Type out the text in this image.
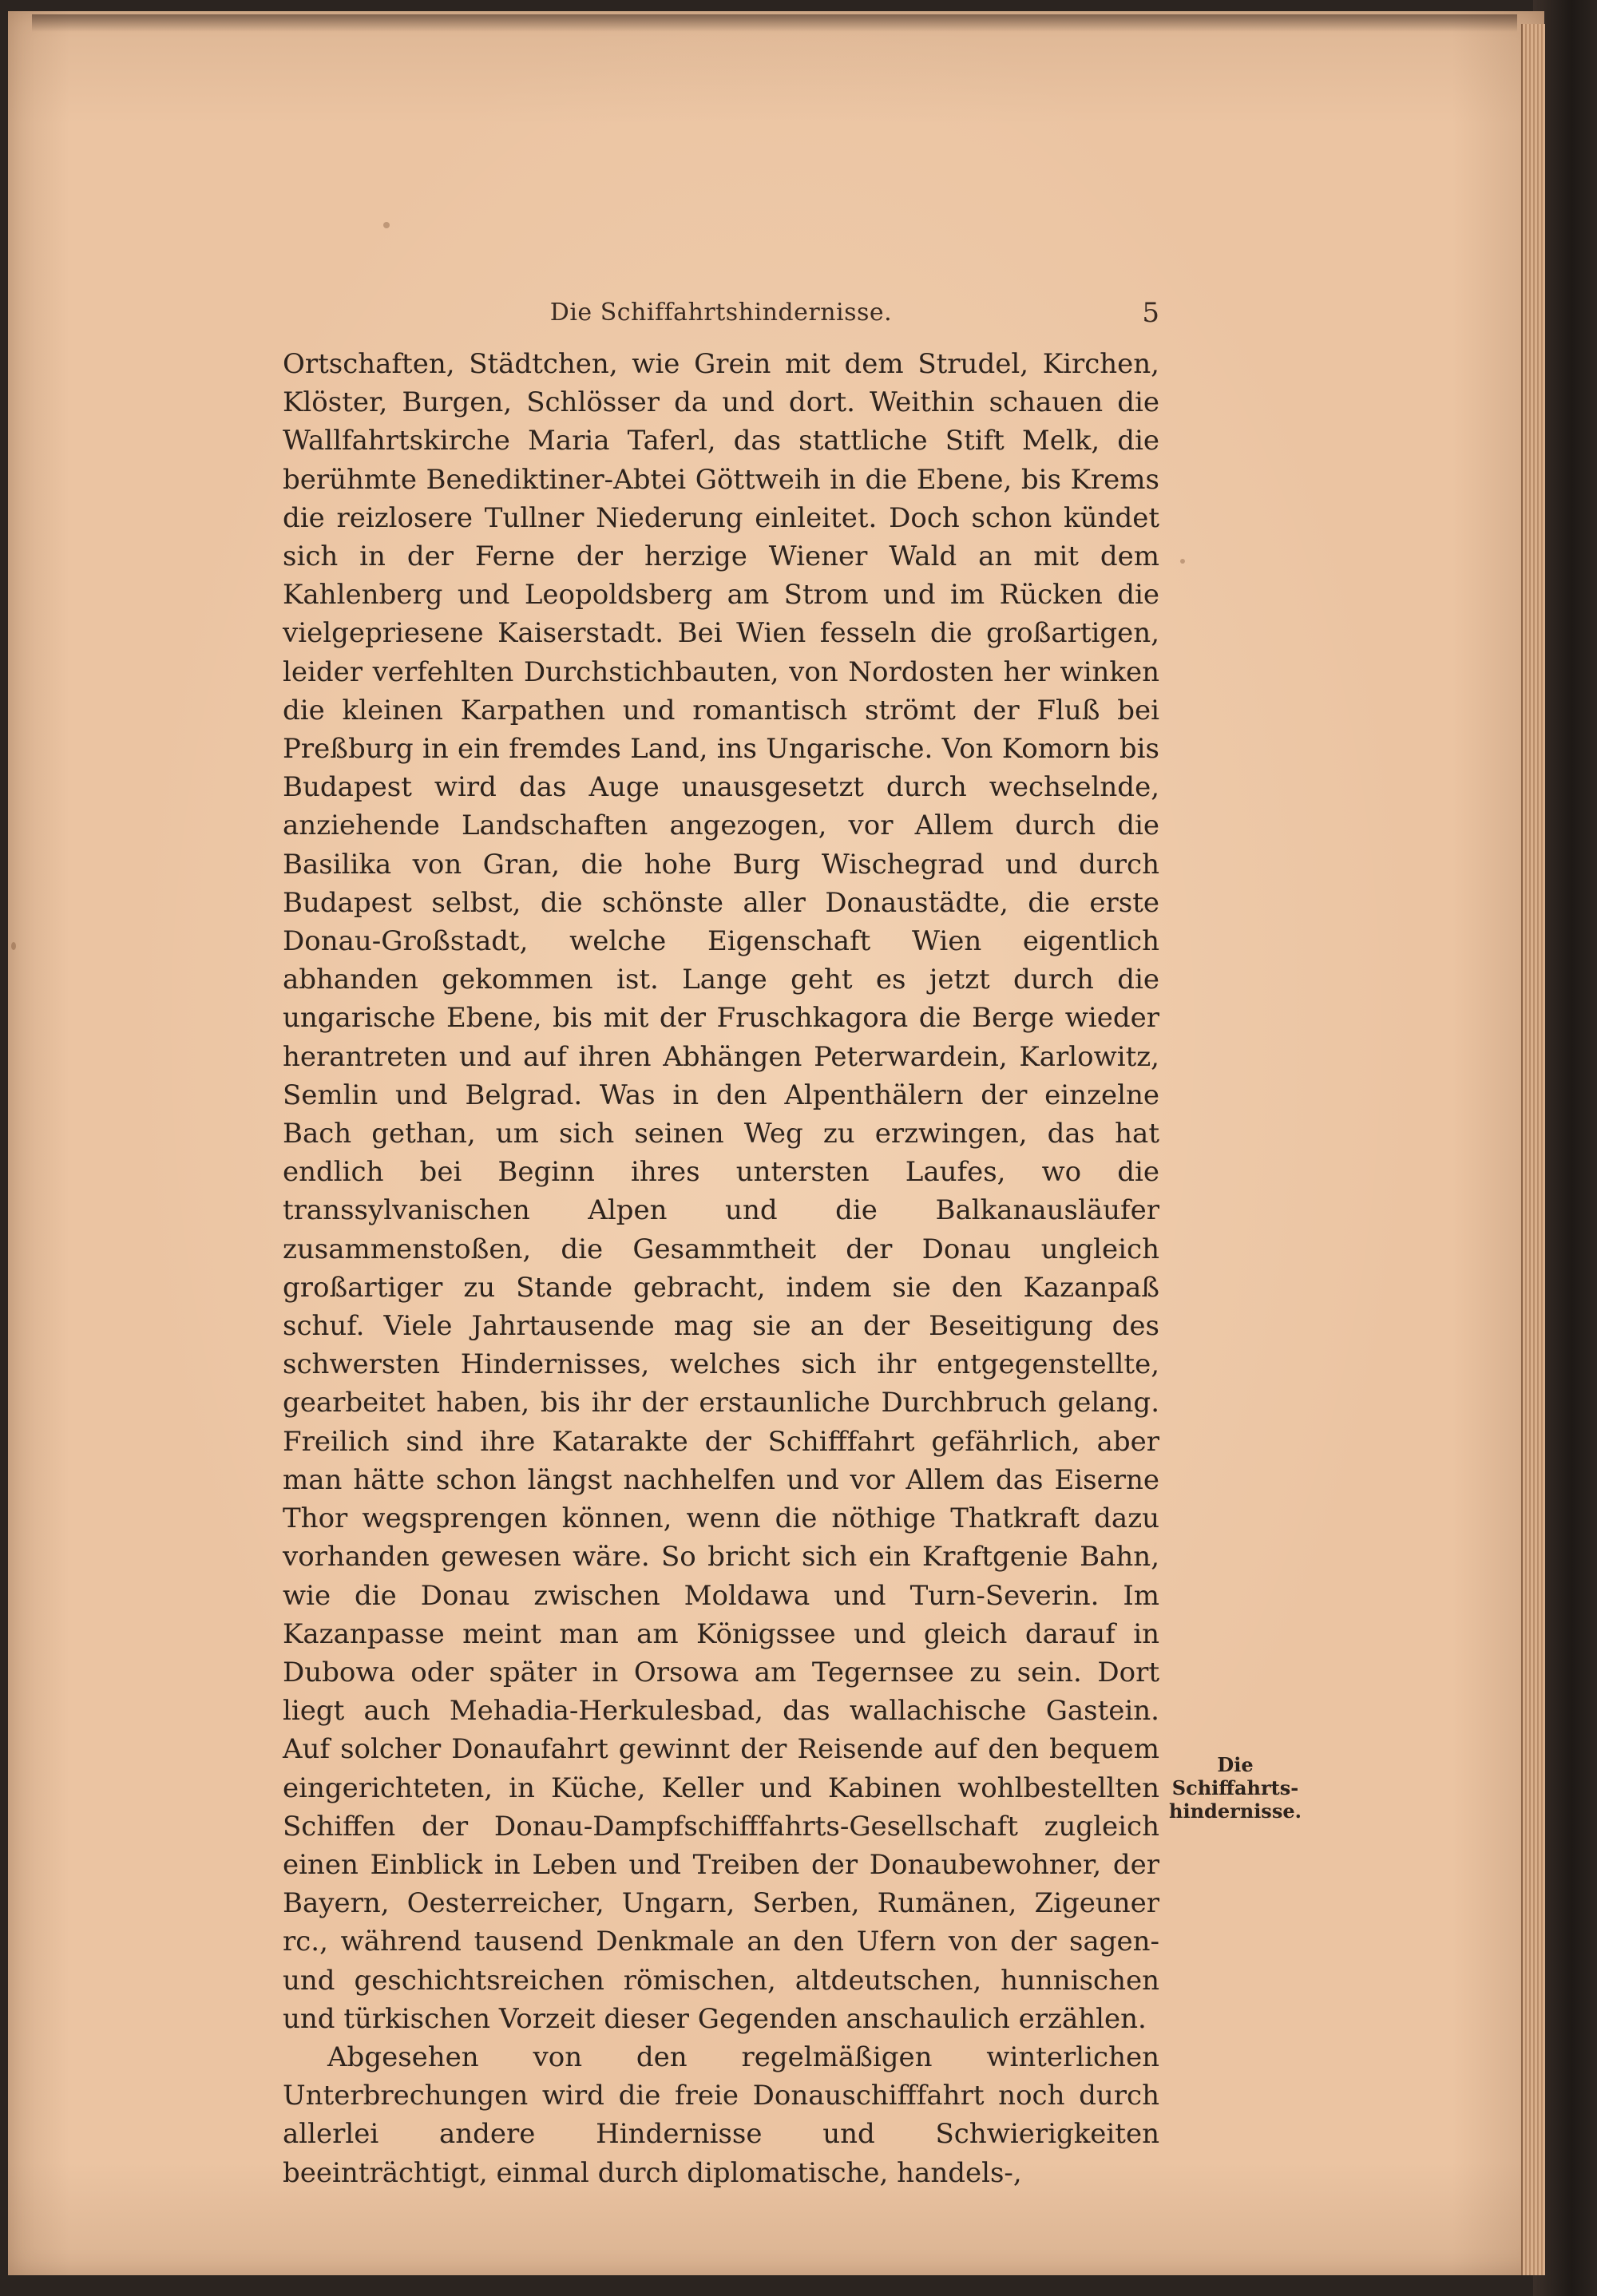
Die Schiffahrtshindernisse.	5

Ortschaften, Städtchen, wie Grein mit dem Strudel, Kirchen, Klöster, Burgen, Schlösser da und dort. Weithin schauen die Wallfahrtskirche Maria Taferl, das stattliche Stift Melk, die berühmte Benediktiner-Abtei Göttweih in die Ebene, bis Krems die reizlosere Tullner Niederung einleitet. Doch schon kündet sich in der Ferne der herzige Wiener Wald an mit dem Kahlenberg und Leopoldsberg am Strom und im Rücken die vielgepriesene Kaiserstadt. Bei Wien fesseln die großartigen, leider verfehlten Durchstichbauten, von Nordosten her winken die kleinen Karpathen und romantisch strömt der Fluß bei Preßburg in ein fremdes Land, ins Ungarische. Von Komorn bis Budapest wird das Auge unausgesetzt durch wechselnde, anziehende Landschaften angezogen, vor Allem durch die Basilika von Gran, die hohe Burg Wischegrad und durch Budapest selbst, die schönste aller Donaustädte, die erste Donau-Großstadt, welche Eigenschaft Wien eigentlich abhanden gekommen ist. Lange geht es jetzt durch die ungarische Ebene, bis mit der Fruschkagora die Berge wieder herantreten und auf ihren Abhängen Peterwardein, Karlowitz, Semlin und Belgrad. Was in den Alpenthälern der einzelne Bach gethan, um sich seinen Weg zu erzwingen, das hat endlich bei Beginn ihres untersten Laufes, wo die transsylvanischen Alpen und die Balkanausläufer zusammenstoßen, die Gesammtheit der Donau ungleich großartiger zu Stande gebracht, indem sie den Kazanpaß schuf. Viele Jahrtausende mag sie an der Beseitigung des schwersten Hindernisses, welches sich ihr entgegenstellte, gearbeitet haben, bis ihr der erstaunliche Durchbruch gelang. Freilich sind ihre Katarakte der Schifffahrt gefährlich, aber man hätte schon längst nachhelfen und vor Allem das Eiserne Thor wegsprengen können, wenn die nöthige Thatkraft dazu vorhanden gewesen wäre. So bricht sich ein Kraftgenie Bahn, wie die Donau zwischen Moldawa und Turn-Severin. Im Kazanpasse meint man am Königssee und gleich darauf in Dubowa oder später in Orsowa am Tegernsee zu sein. Dort liegt auch Mehadia-Herkulesbad, das wallachische Gastein. Auf solcher Donaufahrt gewinnt der Reisende auf den bequem eingerichteten, in Küche, Keller und Kabinen wohlbestellten Schiffen der Donau-Dampfschifffahrts-Gesellschaft zugleich einen Einblick in Leben und Treiben der Donaubewohner, der Bayern, Oesterreicher, Ungarn, Serben, Rumänen, Zigeuner rc., während tausend Denkmale an den Ufern von der sagen- und geschichtsreichen römischen, altdeutschen, hunnischen und türkischen Vorzeit dieser Gegenden anschaulich erzählen.

Abgesehen von den regelmäßigen winterlichen Unterbrechungen wird die freie Donauschifffahrt noch durch allerlei andere Hindernisse und Schwierigkeiten beeinträchtigt, einmal durch diplomatische, handels-,

Die Schiffahrts-hindernisse.
